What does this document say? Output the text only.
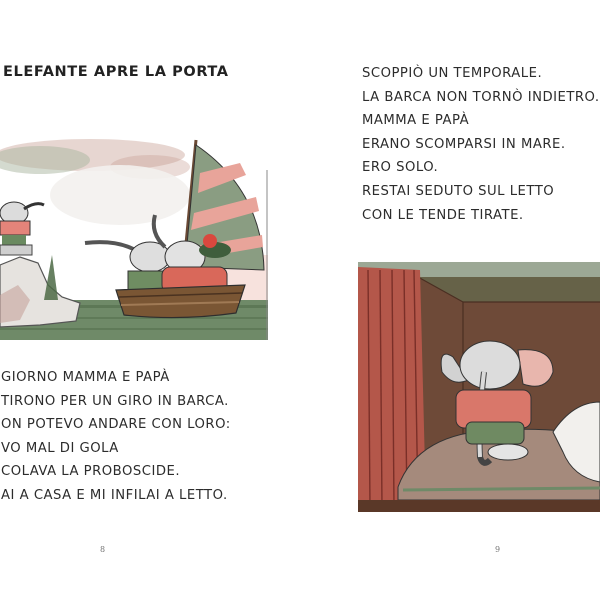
ELEFANTE APRE LA PORTA
GIORNO MAMMA E PAPÀ
TIRONO PER UN GIRO IN BARCA.
ON POTEVO ANDARE CON LORO:
VO MAL DI GOLA
COLAVA LA PROBOSCIDE.
AI A CASA E MI INFILAI A LETTO.
8
SCOPPIÒ UN TEMPORALE.
LA BARCA NON TORNÒ INDIETRO.
MAMMA E PAPÀ
ERANO SCOMPARSI IN MARE.
ERO SOLO.
RESTAI SEDUTO SUL LETTO
CON LE TENDE TIRATE.
9
